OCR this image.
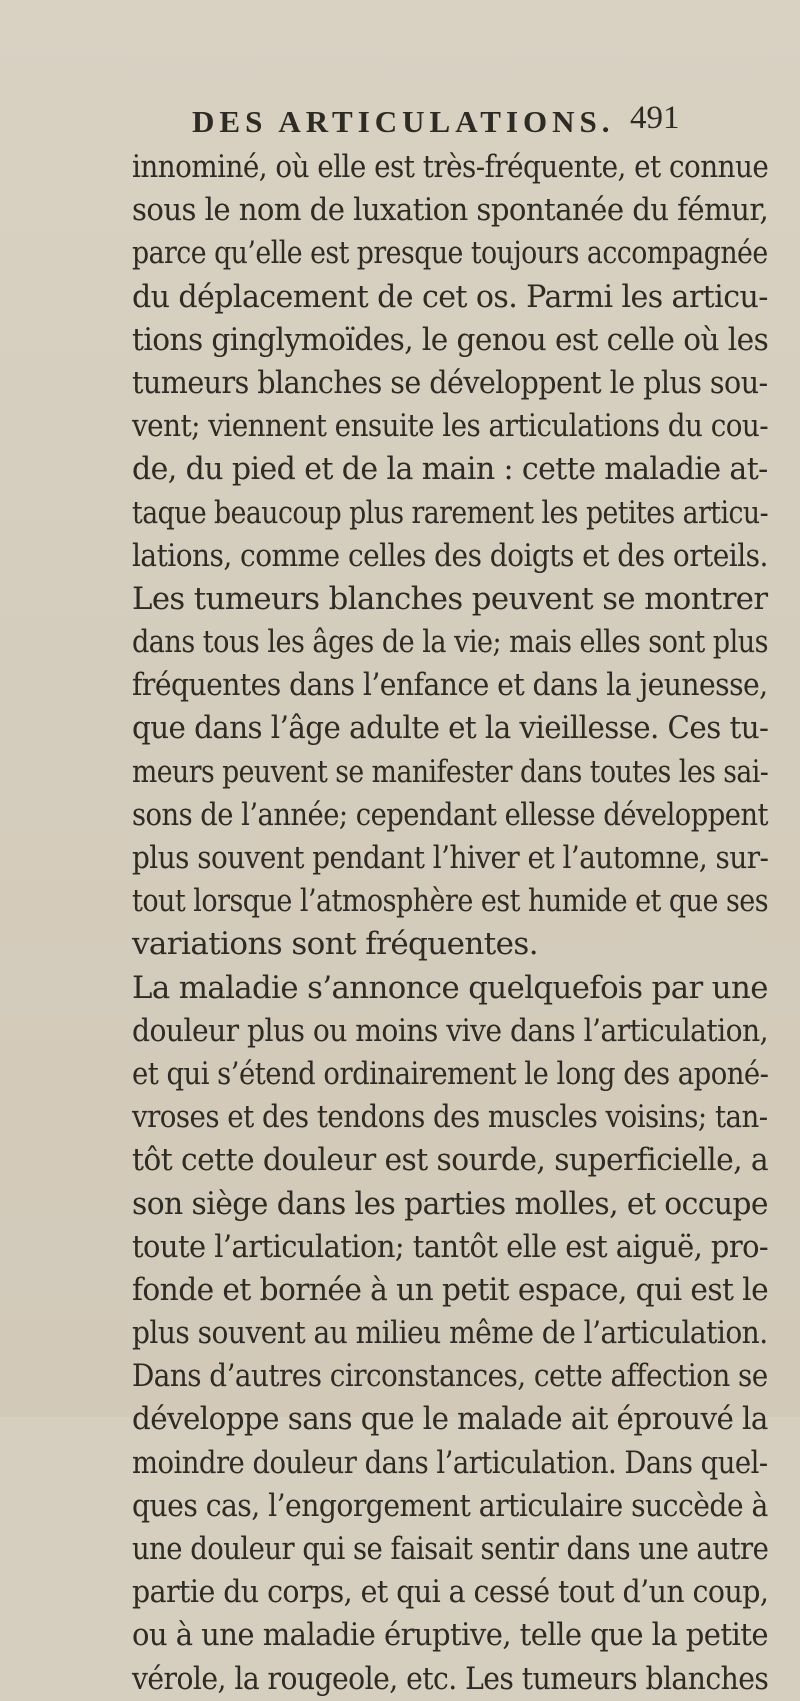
DES ARTICULATIONS. 491
innominé, où elle est très-fréquente, et connue
sous le nom de luxation spontanée du fémur,
parce qu’elle est presque toujours accompagnée
du déplacement de cet os. Parmi les articu-
tions ginglymoïdes, le genou est celle où les
tumeurs blanches se développent le plus sou-
vent; viennent ensuite les articulations du cou-
de, du pied et de la main : cette maladie at-
taque beaucoup plus rarement les petites articu-
lations, comme celles des doigts et des orteils.
Les tumeurs blanches peuvent se montrer
dans tous les âges de la vie; mais elles sont plus
fréquentes dans l’enfance et dans la jeunesse,
que dans l’âge adulte et la vieillesse. Ces tu-
meurs peuvent se manifester dans toutes les sai-
sons de l’année; cependant ellesse développent
plus souvent pendant l’hiver et l’automne, sur-
tout lorsque l’atmosphère est humide et que ses
variations sont fréquentes.
La maladie s’annonce quelquefois par une
douleur plus ou moins vive dans l’articulation,
et qui s’étend ordinairement le long des aponé-
vroses et des tendons des muscles voisins; tan-
tôt cette douleur est sourde, superficielle, a
son siège dans les parties molles, et occupe
toute l’articulation; tantôt elle est aiguë, pro-
fonde et bornée à un petit espace, qui est le
plus souvent au milieu même de l’articulation.
Dans d’autres circonstances, cette affection se
développe sans que le malade ait éprouvé la
moindre douleur dans l’articulation. Dans quel-
ques cas, l’engorgement articulaire succède à
une douleur qui se faisait sentir dans une autre
partie du corps, et qui a cessé tout d’un coup,
ou à une maladie éruptive, telle que la petite
vérole, la rougeole, etc. Les tumeurs blanches
